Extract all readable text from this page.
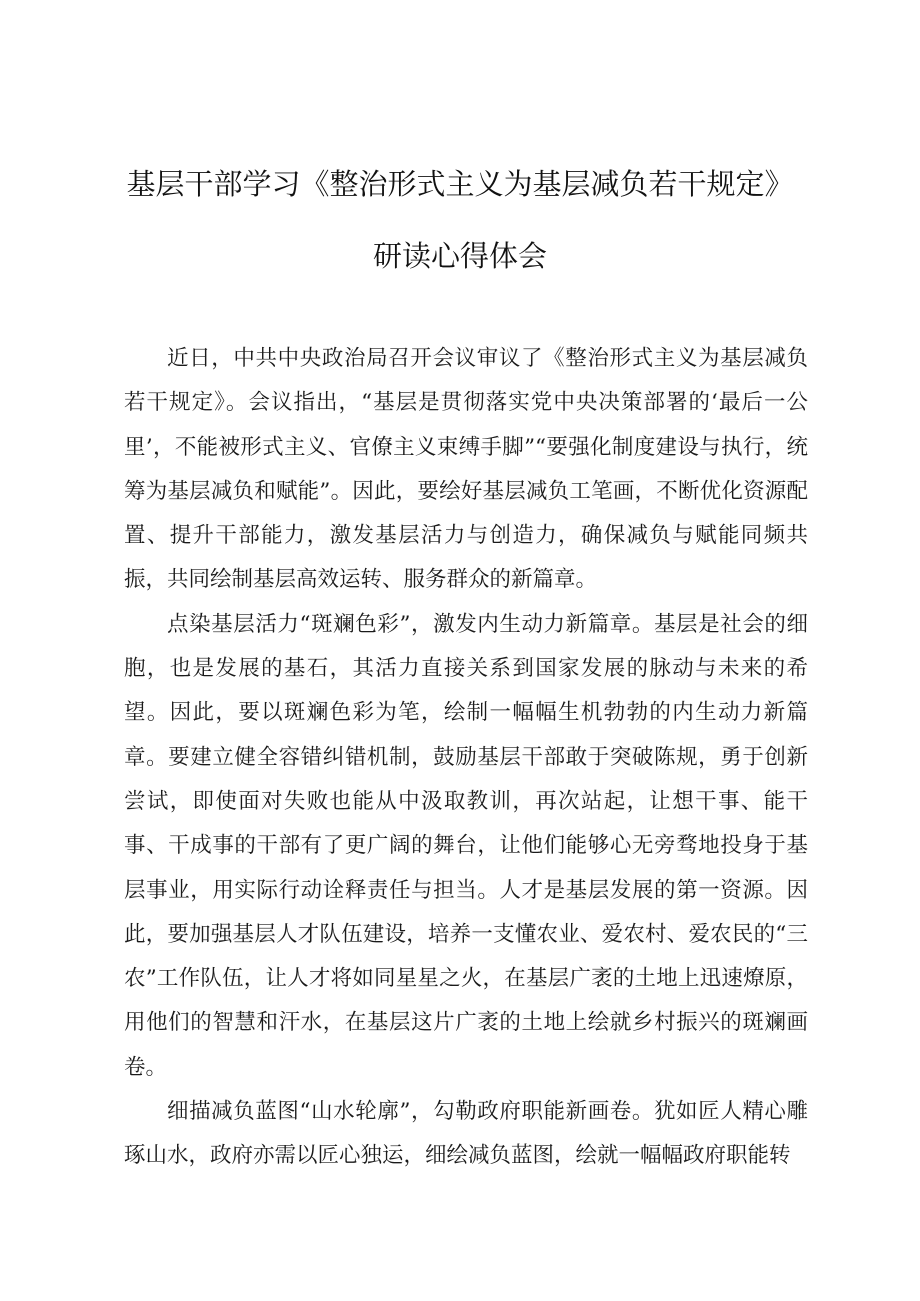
基层干部学习《整治形式主义为基层减负若干规定》研读心得体会

近日，中共中央政治局召开会议审议了《整治形式主义为基层减负若干规定》。会议指出，“基层是贯彻落实党中央决策部署的‘最后一公里’，不能被形式主义、官僚主义束缚手脚”“要强化制度建设与执行，统筹为基层减负和赋能”。因此，要绘好基层减负工笔画，不断优化资源配置、提升干部能力，激发基层活力与创造力，确保减负与赋能同频共振，共同绘制基层高效运转、服务群众的新篇章。

点染基层活力“斑斓色彩”，激发内生动力新篇章。基层是社会的细胞，也是发展的基石，其活力直接关系到国家发展的脉动与未来的希望。因此，要以斑斓色彩为笔，绘制一幅幅生机勃勃的内生动力新篇章。要建立健全容错纠错机制，鼓励基层干部敢于突破陈规，勇于创新尝试，即使面对失败也能从中汲取教训，再次站起，让想干事、能干事、干成事的干部有了更广阔的舞台，让他们能够心无旁骛地投身于基层事业，用实际行动诠释责任与担当。人才是基层发展的第一资源。因此，要加强基层人才队伍建设，培养一支懂农业、爱农村、爱农民的“三农”工作队伍，让人才将如同星星之火，在基层广袤的土地上迅速燎原，用他们的智慧和汗水，在基层这片广袤的土地上绘就乡村振兴的斑斓画卷。

细描减负蓝图“山水轮廓”，勾勒政府职能新画卷。犹如匠人精心雕琢山水，政府亦需以匠心独运，细绘减负蓝图，绘就一幅幅政府职能转
